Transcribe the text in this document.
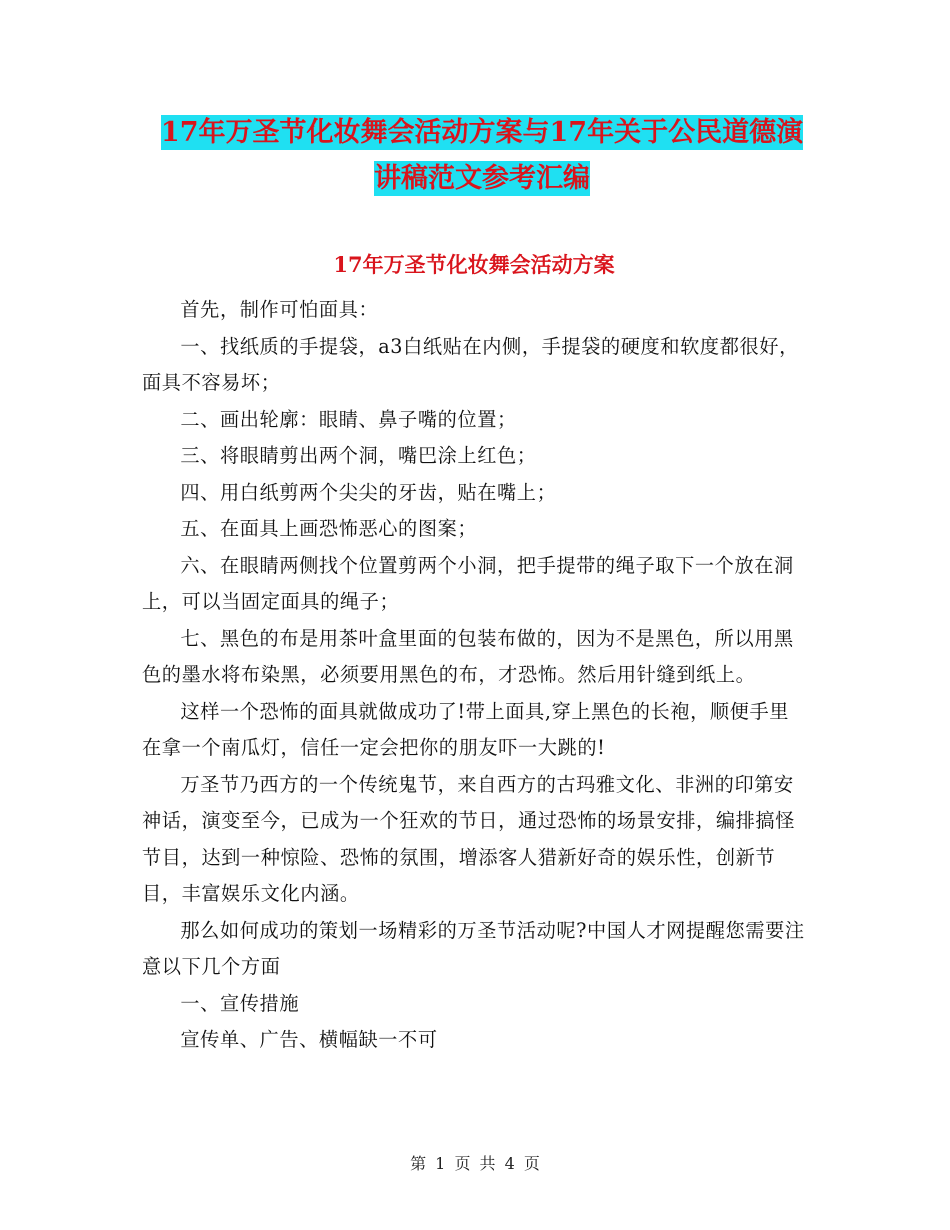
17年万圣节化妆舞会活动方案与17年关于公民道德演
讲稿范文参考汇编
17年万圣节化妆舞会活动方案

首先，制作可怕面具：

一、找纸质的手提袋，a3白纸贴在内侧，手提袋的硬度和软度都很好，面具不容易坏；

二、画出轮廓：眼睛、鼻子嘴的位置；

三、将眼睛剪出两个洞，嘴巴涂上红色；

四、用白纸剪两个尖尖的牙齿，贴在嘴上；

五、在面具上画恐怖恶心的图案；

六、在眼睛两侧找个位置剪两个小洞，把手提带的绳子取下一个放在洞上，可以当固定面具的绳子；

七、黑色的布是用茶叶盒里面的包装布做的，因为不是黑色，所以用黑色的墨水将布染黑，必须要用黑色的布，才恐怖。然后用针缝到纸上。

这样一个恐怖的面具就做成功了!带上面具,穿上黑色的长袍，顺便手里在拿一个南瓜灯，信任一定会把你的朋友吓一大跳的!

万圣节乃西方的一个传统鬼节，来自西方的古玛雅文化、非洲的印第安神话，演变至今，已成为一个狂欢的节日，通过恐怖的场景安排，编排搞怪节目，达到一种惊险、恐怖的氛围，增添客人猎新好奇的娱乐性，创新节目，丰富娱乐文化内涵。

那么如何成功的策划一场精彩的万圣节活动呢?中国人才网提醒您需要注意以下几个方面

一、宣传措施

宣传单、广告、横幅缺一不可

第 1 页 共 4 页
